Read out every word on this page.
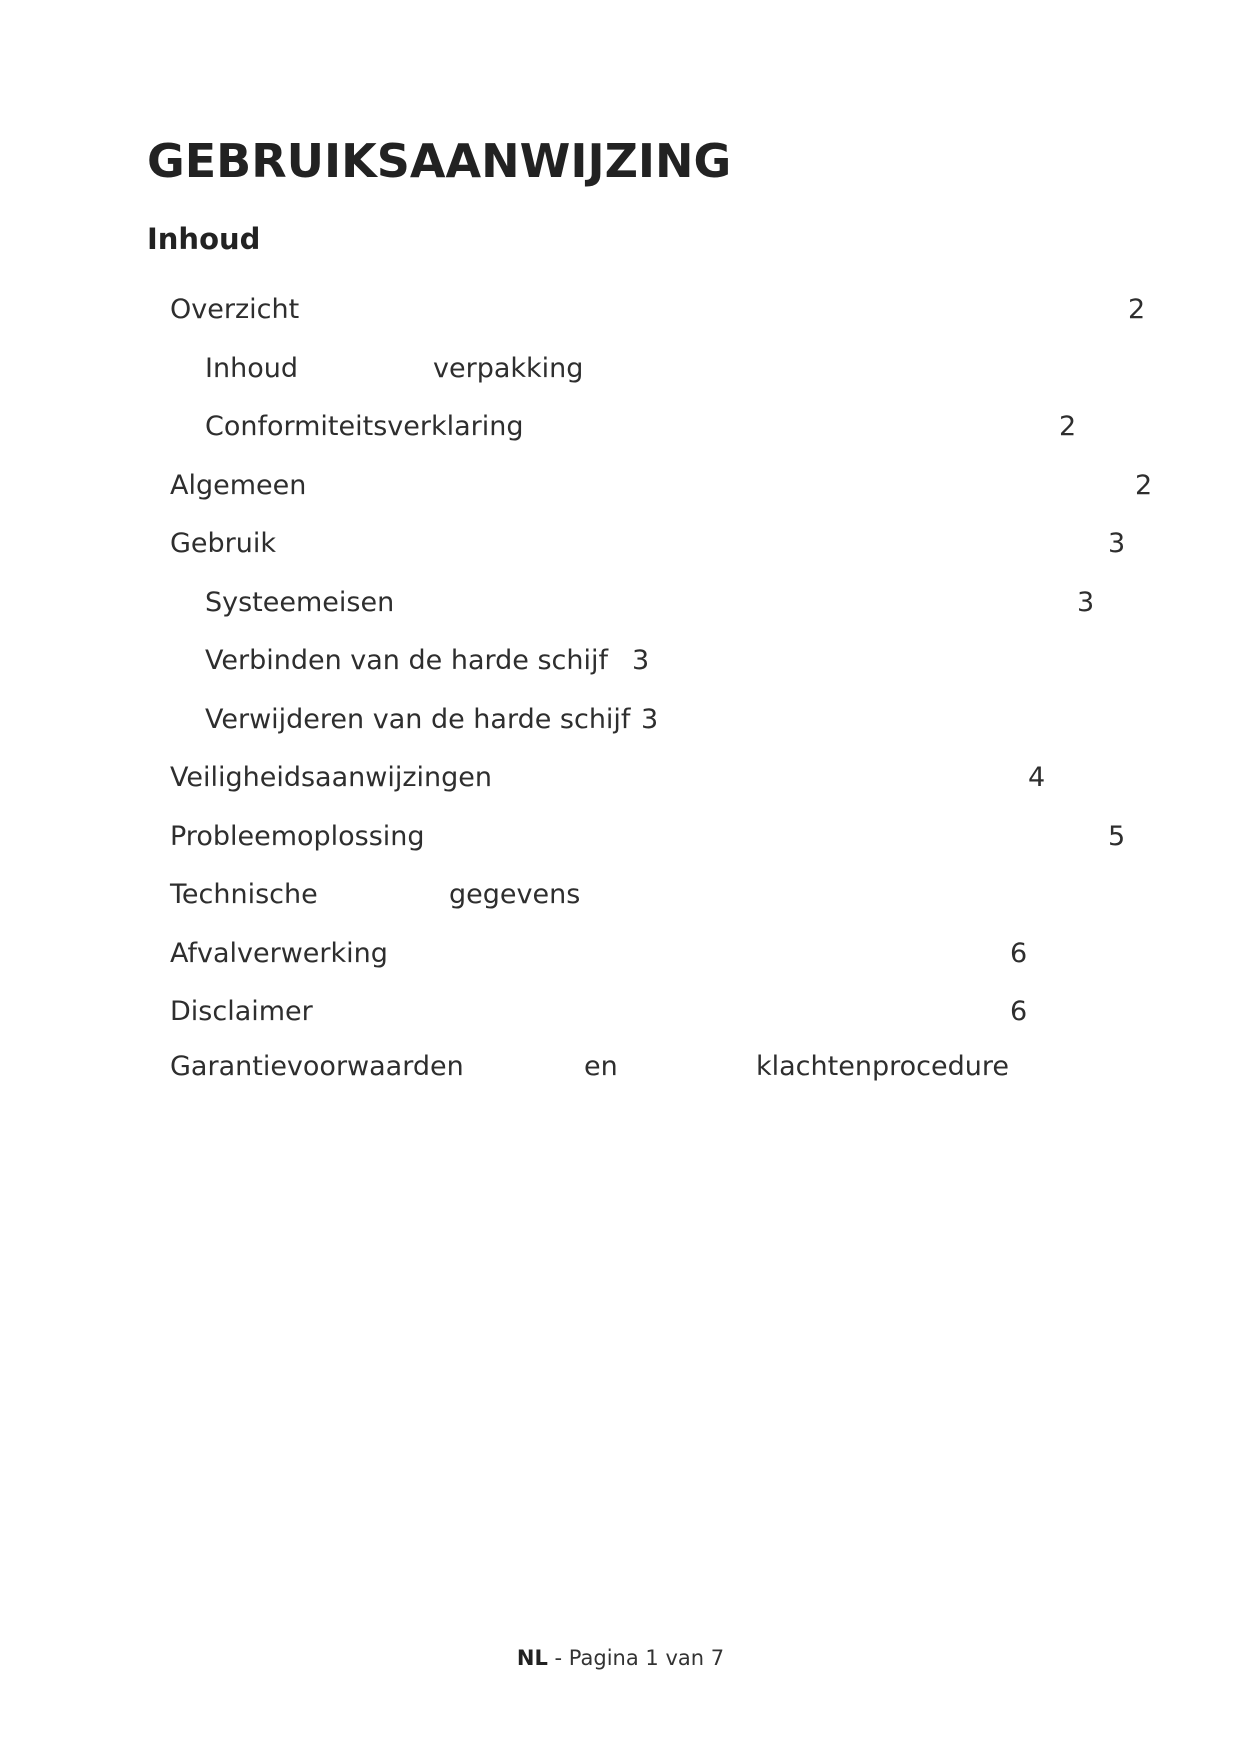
GEBRUIKSAANWIJZING
Inhoud
Overzicht	2
Inhoud	verpakking
Conformiteitsverklaring	2
Algemeen	2
Gebruik	3
Systeemeisen	3
Verbinden van de harde schijf 3
Verwijderen van de harde schijf 3
Veiligheidsaanwijzingen	4
Probleemoplossing	5
Technische	gegevens
Afvalverwerking	6
Disclaimer	6
Garantievoorwaarden	en	klachtenprocedure
NL - Pagina 1 van 7
